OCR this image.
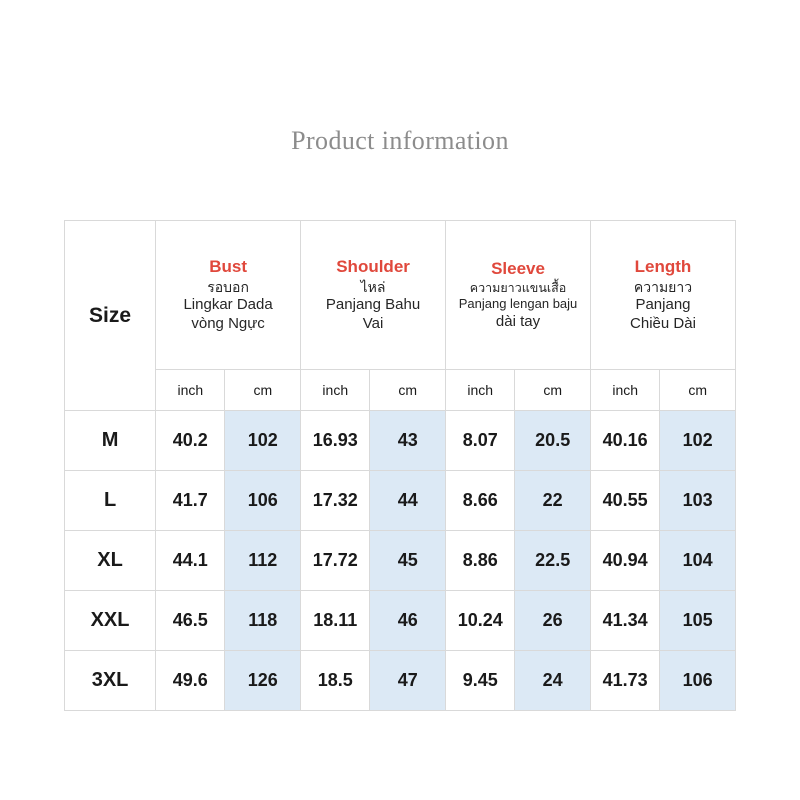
Product information
Size	
Bust
รอบอก
Lingkar Dada
vòng Ngực

Shoulder
ไหล่
Panjang Bahu
Vai

Sleeve
ความยาวแขนเสื้อ
Panjang lengan baju
dài tay

Length
ความยาว
Panjang
Chiều Dài

	inch	cm	inch	cm	inch	cm	inch	cm
M	40.2	102	16.93	43	8.07	20.5	40.16	102
L	41.7	106	17.32	44	8.66	22	40.55	103
XL	44.1	112	17.72	45	8.86	22.5	40.94	104
XXL	46.5	118	18.11	46	10.24	26	41.34	105
3XL	49.6	126	18.5	47	9.45	24	41.73	106
